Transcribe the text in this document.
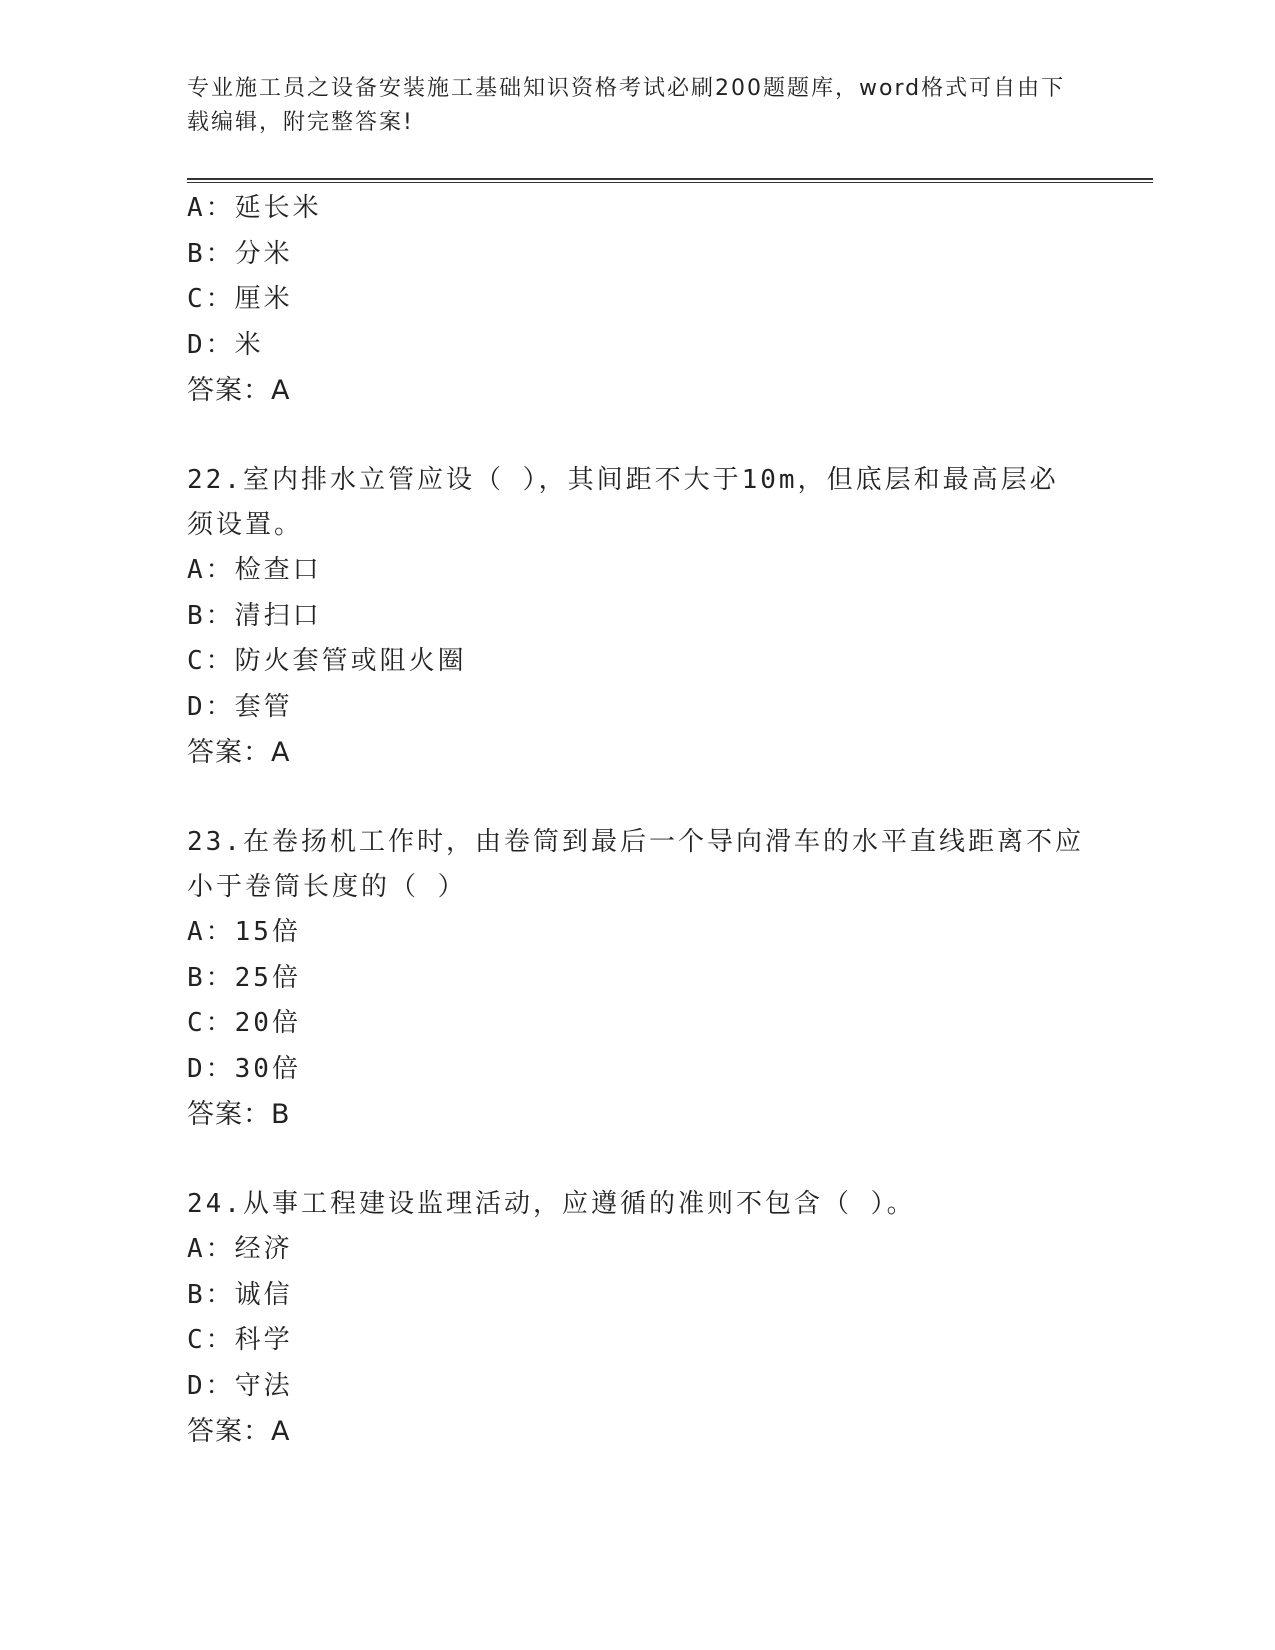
专业施工员之设备安装施工基础知识资格考试必刷200题题库，word格式可自由下载编辑，附完整答案!
A：延长米
B：分米
C：厘米
D：米
答案：A
22.室内排水立管应设（ ），其间距不大于10m，但底层和最高层必须设置。
A：检查口
B：清扫口
C：防火套管或阻火圈
D：套管
答案：A
23.在卷扬机工作时，由卷筒到最后一个导向滑车的水平直线距离不应小于卷筒长度的（ ）
A：15倍
B：25倍
C：20倍
D：30倍
答案：B
24.从事工程建设监理活动，应遵循的准则不包含（ ）。
A：经济
B：诚信
C：科学
D：守法
答案：A
